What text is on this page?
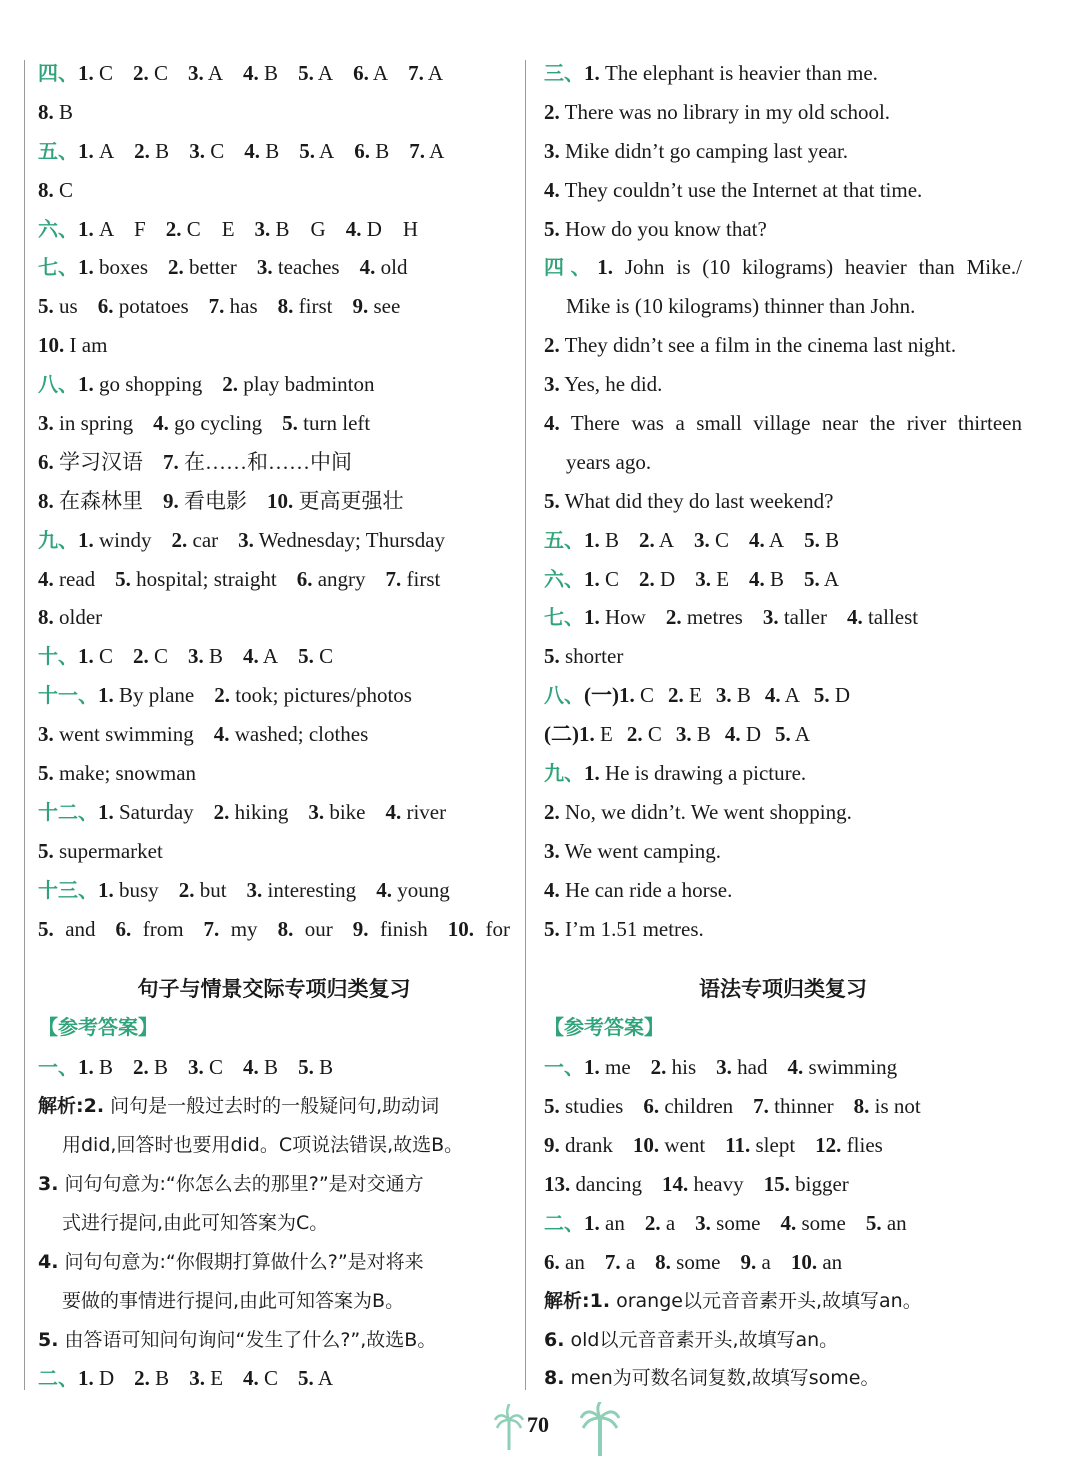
四、1. C 2. C 3. A 4. B 5. A 6. A 7. A
8. B
五、1. A 2. B 3. C 4. B 5. A 6. B 7. A
8. C
六、1. A　F 2. C　E 3. B　G 4. D　H
七、1. boxes 2. better 3. teaches 4. old
5. us 6. potatoes 7. has 8. first 9. see
10. I am
八、1. go shopping 2. play badminton
3. in spring 4. go cycling 5. turn left
6. 学习汉语 7. 在……和……中间
8. 在森林里 9. 看电影 10. 更高更强壮
九、1. windy 2. car 3. Wednesday; Thursday
4. read 5. hospital; straight 6. angry 7. first
8. older
十、1. C 2. C 3. B 4. A 5. C
十一、1. By plane 2. took; pictures/photos
3. went swimming 4. washed; clothes
5. make; snowman
十二、1. Saturday 2. hiking 3. bike 4. river
5. supermarket
十三、1. busy 2. but 3. interesting 4. young
5. and 6. from 7. my 8. our 9. finish 10. for
句子与情景交际专项归类复习
【参考答案】
一、1. B 2. B 3. C 4. B 5. B
解析:2. 问句是一般过去时的一般疑问句,助动词
用did,回答时也要用did。C项说法错误,故选B。
3. 问句句意为:“你怎么去的那里?”是对交通方
式进行提问,由此可知答案为C。
4. 问句句意为:“你假期打算做什么?”是对将来
要做的事情进行提问,由此可知答案为B。
5. 由答语可知问句询问“发生了什么?”,故选B。
二、1. D 2. B 3. E 4. C 5. A
三、1. The elephant is heavier than me.
2. There was no library in my old school.
3. Mike didn’t go camping last year.
4. They couldn’t use the Internet at that time.
5. How do you know that?
四、1. John is (10 kilograms) heavier than Mike./
Mike is (10 kilograms) thinner than John.
2. They didn’t see a film in the cinema last night.
3. Yes, he did.
4. There was a small village near the river thirteen
years ago.
5. What did they do last weekend?
五、1. B 2. A 3. C 4. A 5. B
六、1. C 2. D 3. E 4. B 5. A
七、1. How 2. metres 3. taller 4. tallest
5. shorter
八、(一)1. C 2. E 3. B 4. A 5. D
(二)1. E 2. C 3. B 4. D 5. A
九、1. He is drawing a picture.
2. No, we didn’t. We went shopping.
3. We went camping.
4. He can ride a horse.
5. I’m 1.51 metres.
语法专项归类复习
【参考答案】
一、1. me 2. his 3. had 4. swimming
5. studies 6. children 7. thinner 8. is not
9. drank 10. went 11. slept 12. flies
13. dancing 14. heavy 15. bigger
二、1. an 2. a 3. some 4. some 5. an
6. an 7. a 8. some 9. a 10. an
解析:1. orange以元音音素开头,故填写an。
6. old以元音音素开头,故填写an。
8. men为可数名词复数,故填写some。
70
